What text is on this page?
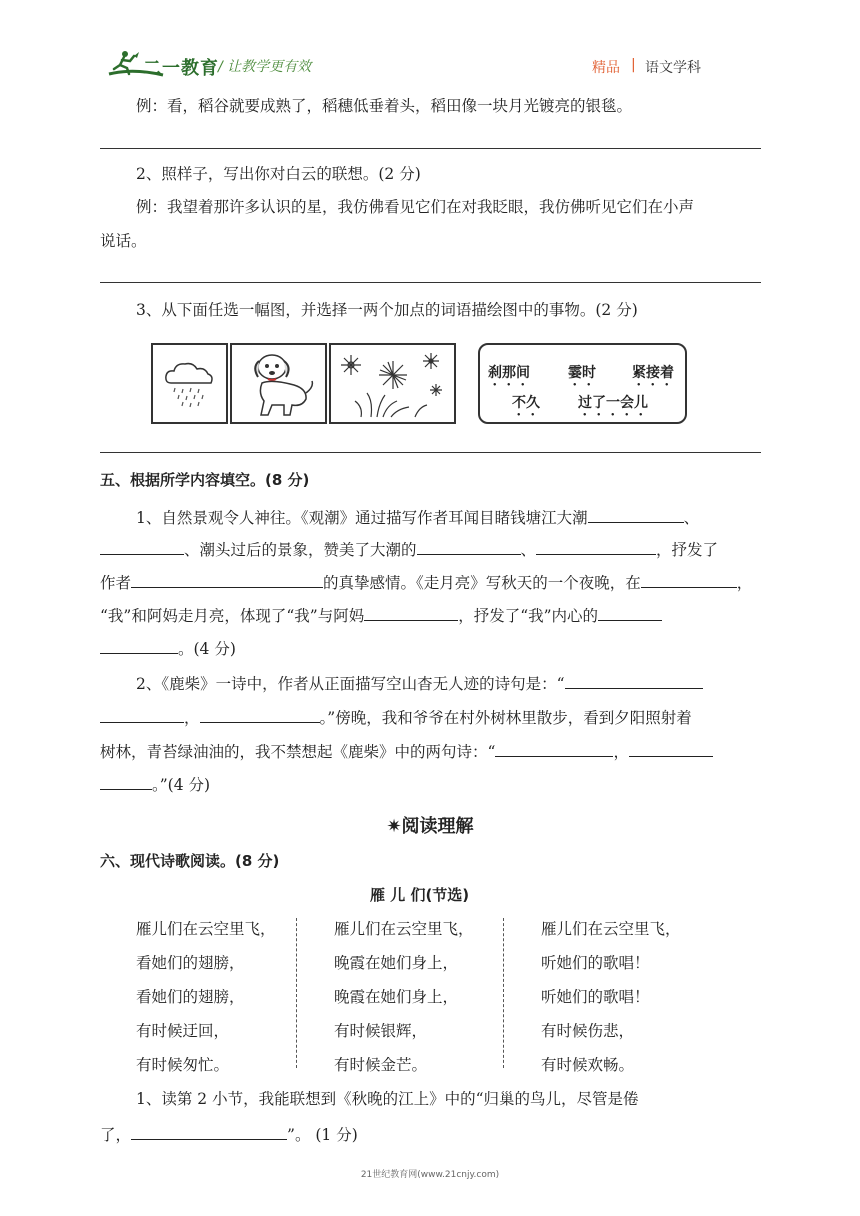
二一教育 / 让教学更有效	精品 | 语文学科
例：看，稻谷就要成熟了，稻穗低垂着头，稻田像一块月光镀亮的银毯。
2、照样子，写出你对白云的联想。(2 分)
例：我望着那许多认识的星，我仿佛看见它们在对我眨眼，我仿佛听见它们在小声
说话。
3、从下面任选一幅图，并选择一两个加点的词语描绘图中的事物。(2 分)
刹那间	霎时	紧接着
不久	过了一会儿
五、根据所学内容填空。(8 分)
1、自然景观令人神往。《观潮》通过描写作者耳闻目睹钱塘江大潮	、
、潮头过后的景象，赞美了大潮的	、	，抒发了
作者	的真挚感情。《走月亮》写秋天的一个夜晚，在	，
“我”和阿妈走月亮，体现了“我”与阿妈	，抒发了“我”内心的
。(4 分)
2、《鹿柴》一诗中，作者从正面描写空山杳无人迹的诗句是：“
，	。”傍晚，我和爷爷在村外树林里散步，看到夕阳照射着
树林，青苔绿油油的，我不禁想起《鹿柴》中的两句诗：“	，
。”(4 分)
✷阅读理解
六、现代诗歌阅读。(8 分)
雁 儿 们(节选)
雁儿们在云空里飞，
看她们的翅膀，
看她们的翅膀，
有时候迂回，
有时候匆忙。
雁儿们在云空里飞，
晚霞在她们身上，
晚霞在她们身上，
有时候银辉，
有时候金芒。
雁儿们在云空里飞，
听她们的歌唱！
听她们的歌唱！
有时候伤悲，
有时候欢畅。
1、读第 2 小节，我能联想到《秋晚的江上》中的“归巢的鸟儿，尽管是倦
了，	”。 (1 分)
21世纪教育网(www.21cnjy.com)
